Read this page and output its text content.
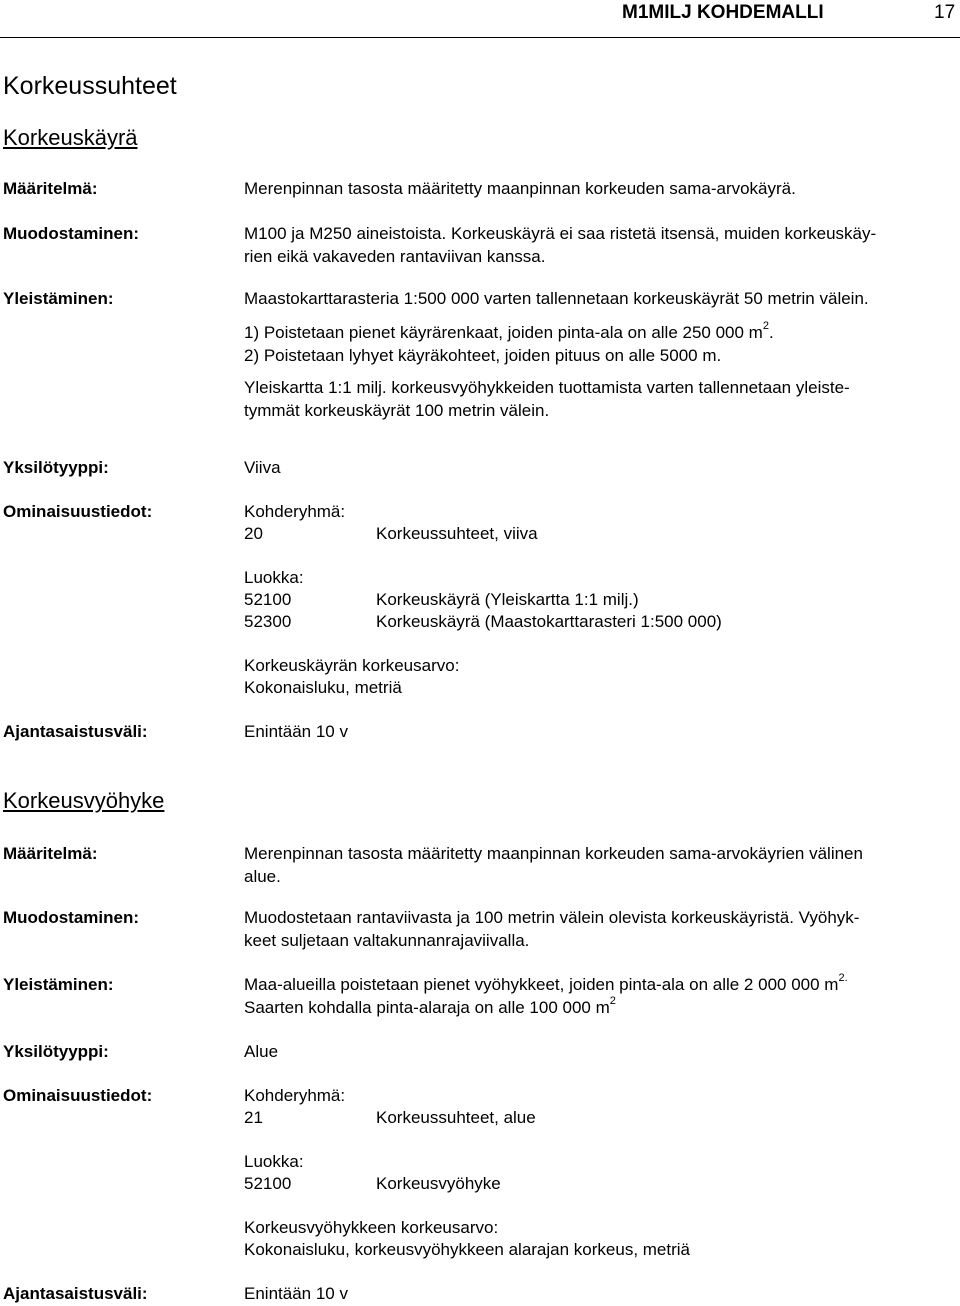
M1MILJ KOHDEMALLI	17
Korkeussuhteet
Korkeuskäyrä
Määritelmä:	Merenpinnan tasosta määritetty maanpinnan korkeuden sama-arvokäyrä.
Muodostaminen:	M100 ja M250 aineistoista. Korkeuskäyrä ei saa ristetä itsensä, muiden korkeuskäy-
rien eikä vakaveden rantaviivan kanssa.
Yleistäminen:	Maastokarttarasteria 1:500 000 varten tallennetaan korkeuskäyrät 50 metrin välein.
1) Poistetaan pienet käyrärenkaat, joiden pinta-ala on alle 250 000 $m^2$.
2) Poistetaan lyhyet käyräkohteet, joiden pituus on alle 5000 m.
Yleiskartta 1:1 milj. korkeusvyöhykkeiden tuottamista varten tallennetaan yleiste-
tymmät korkeuskäyrät 100 metrin välein.
Yksilötyyppi:	Viiva
Ominaisuustiedot:	Kohderyhmä:
20	Korkeussuhteet, viiva
Luokka:
52100	Korkeuskäyrä (Yleiskartta 1:1 milj.)
52300	Korkeuskäyrä (Maastokarttarasteri 1:500 000)
Korkeuskäyrän korkeusarvo:
Kokonaisluku, metriä
Ajantasaistusväli:	Enintään 10 v
Korkeusvyöhyke
Määritelmä:	Merenpinnan tasosta määritetty maanpinnan korkeuden sama-arvokäyrien välinen
alue.
Muodostaminen:	Muodostetaan rantaviivasta ja 100 metrin välein olevista korkeuskäyristä. Vyöhyk-
keet suljetaan valtakunnanrajaviivalla.
Yleistäminen:	Maa-alueilla poistetaan pienet vyöhykkeet, joiden pinta-ala on alle 2 000 000 $m^{2.}$
Saarten kohdalla pinta-alaraja on alle 100 000 $m^2$
Yksilötyyppi:	Alue
Ominaisuustiedot:	Kohderyhmä:
21	Korkeussuhteet, alue
Luokka:
52100	Korkeusvyöhyke
Korkeusvyöhykkeen korkeusarvo:
Kokonaisluku, korkeusvyöhykkeen alarajan korkeus, metriä
Ajantasaistusväli:	Enintään 10 v
